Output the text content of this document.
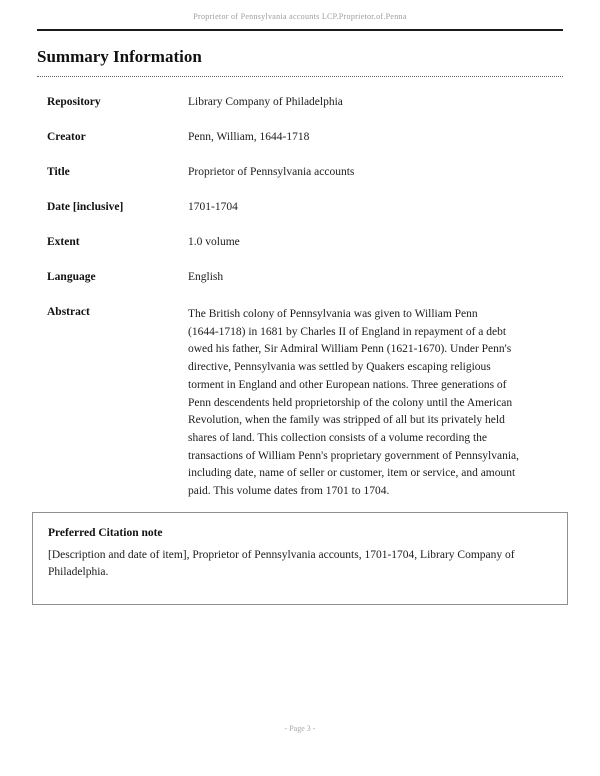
Proprietor of Pennsylvania accounts LCP.Proprietor.of.Penna
Summary Information
Repository	Library Company of Philadelphia
Creator	Penn, William, 1644-1718
Title	Proprietor of Pennsylvania accounts
Date [inclusive]	1701-1704
Extent	1.0 volume
Language	English
Abstract	The British colony of Pennsylvania was given to William Penn
(1644-1718) in 1681 by Charles II of England in repayment of a debt
owed his father, Sir Admiral William Penn (1621-1670). Under Penn's
directive, Pennsylvania was settled by Quakers escaping religious
torment in England and other European nations. Three generations of
Penn descendents held proprietorship of the colony until the American
Revolution, when the family was stripped of all but its privately held
shares of land. This collection consists of a volume recording the
transactions of William Penn's proprietary government of Pennsylvania,
including date, name of seller or customer, item or service, and amount
paid. This volume dates from 1701 to 1704.
Preferred Citation note
[Description and date of item], Proprietor of Pennsylvania accounts, 1701-1704, Library Company of
Philadelphia.
- Page 3 -
